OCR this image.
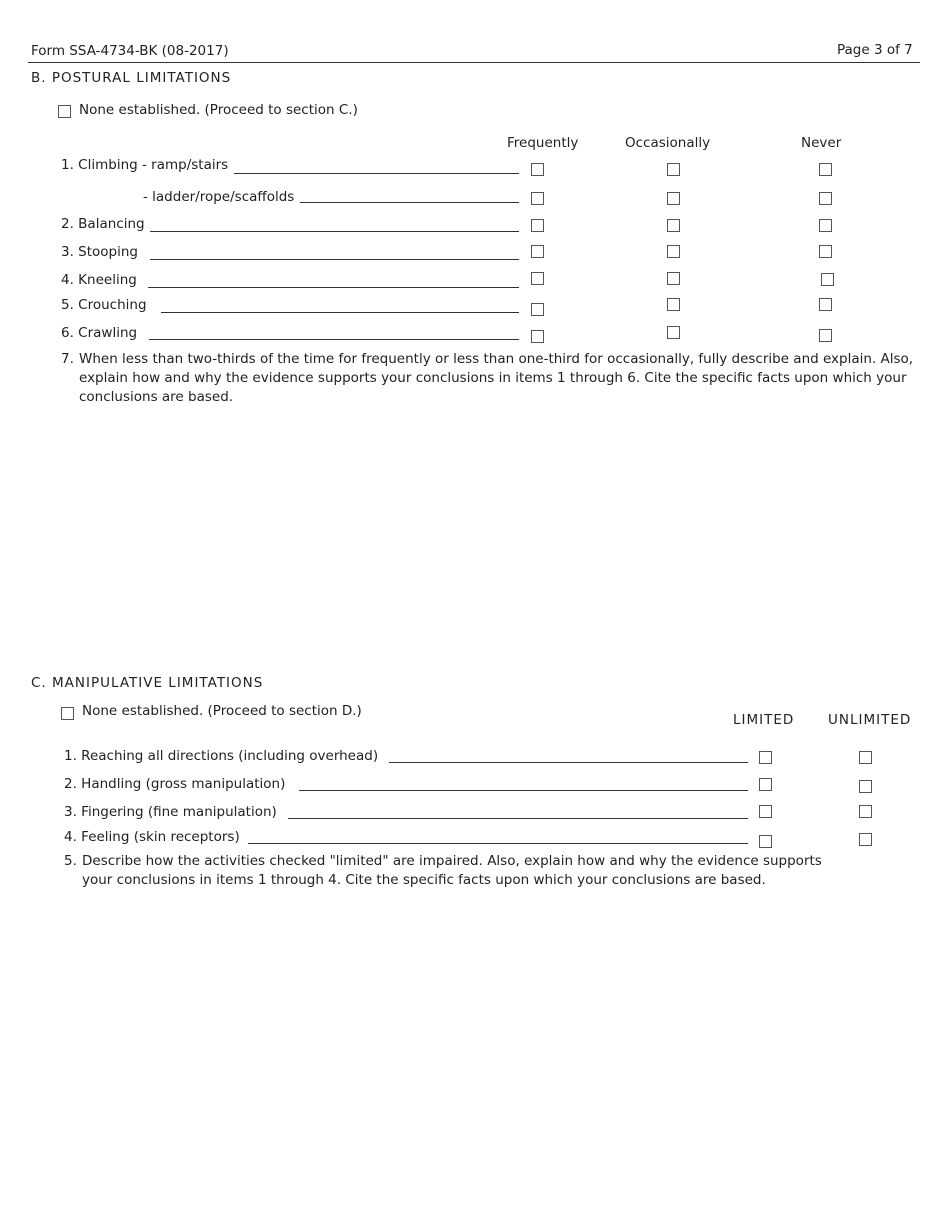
Form SSA-4734-BK (08-2017)	Page 3 of 7
B. POSTURAL LIMITATIONS
None established. (Proceed to section C.)
Frequently	Occasionally	Never
1. Climbing - ramp/stairs
- ladder/rope/scaffolds
2. Balancing
3. Stooping
4. Kneeling
5. Crouching
6. Crawling
7. When less than two-thirds of the time for frequently or less than one-third for occasionally, fully describe and explain. Also, explain how and why the evidence supports your conclusions in items 1 through 6. Cite the specific facts upon which your conclusions are based.
C. MANIPULATIVE LIMITATIONS
None established. (Proceed to section D.)
LIMITED UNLIMITED
1. Reaching all directions (including overhead)
2. Handling (gross manipulation)
3. Fingering (fine manipulation)
4. Feeling (skin receptors)
5. Describe how the activities checked "limited" are impaired. Also, explain how and why the evidence supports your conclusions in items 1 through 4. Cite the specific facts upon which your conclusions are based.
